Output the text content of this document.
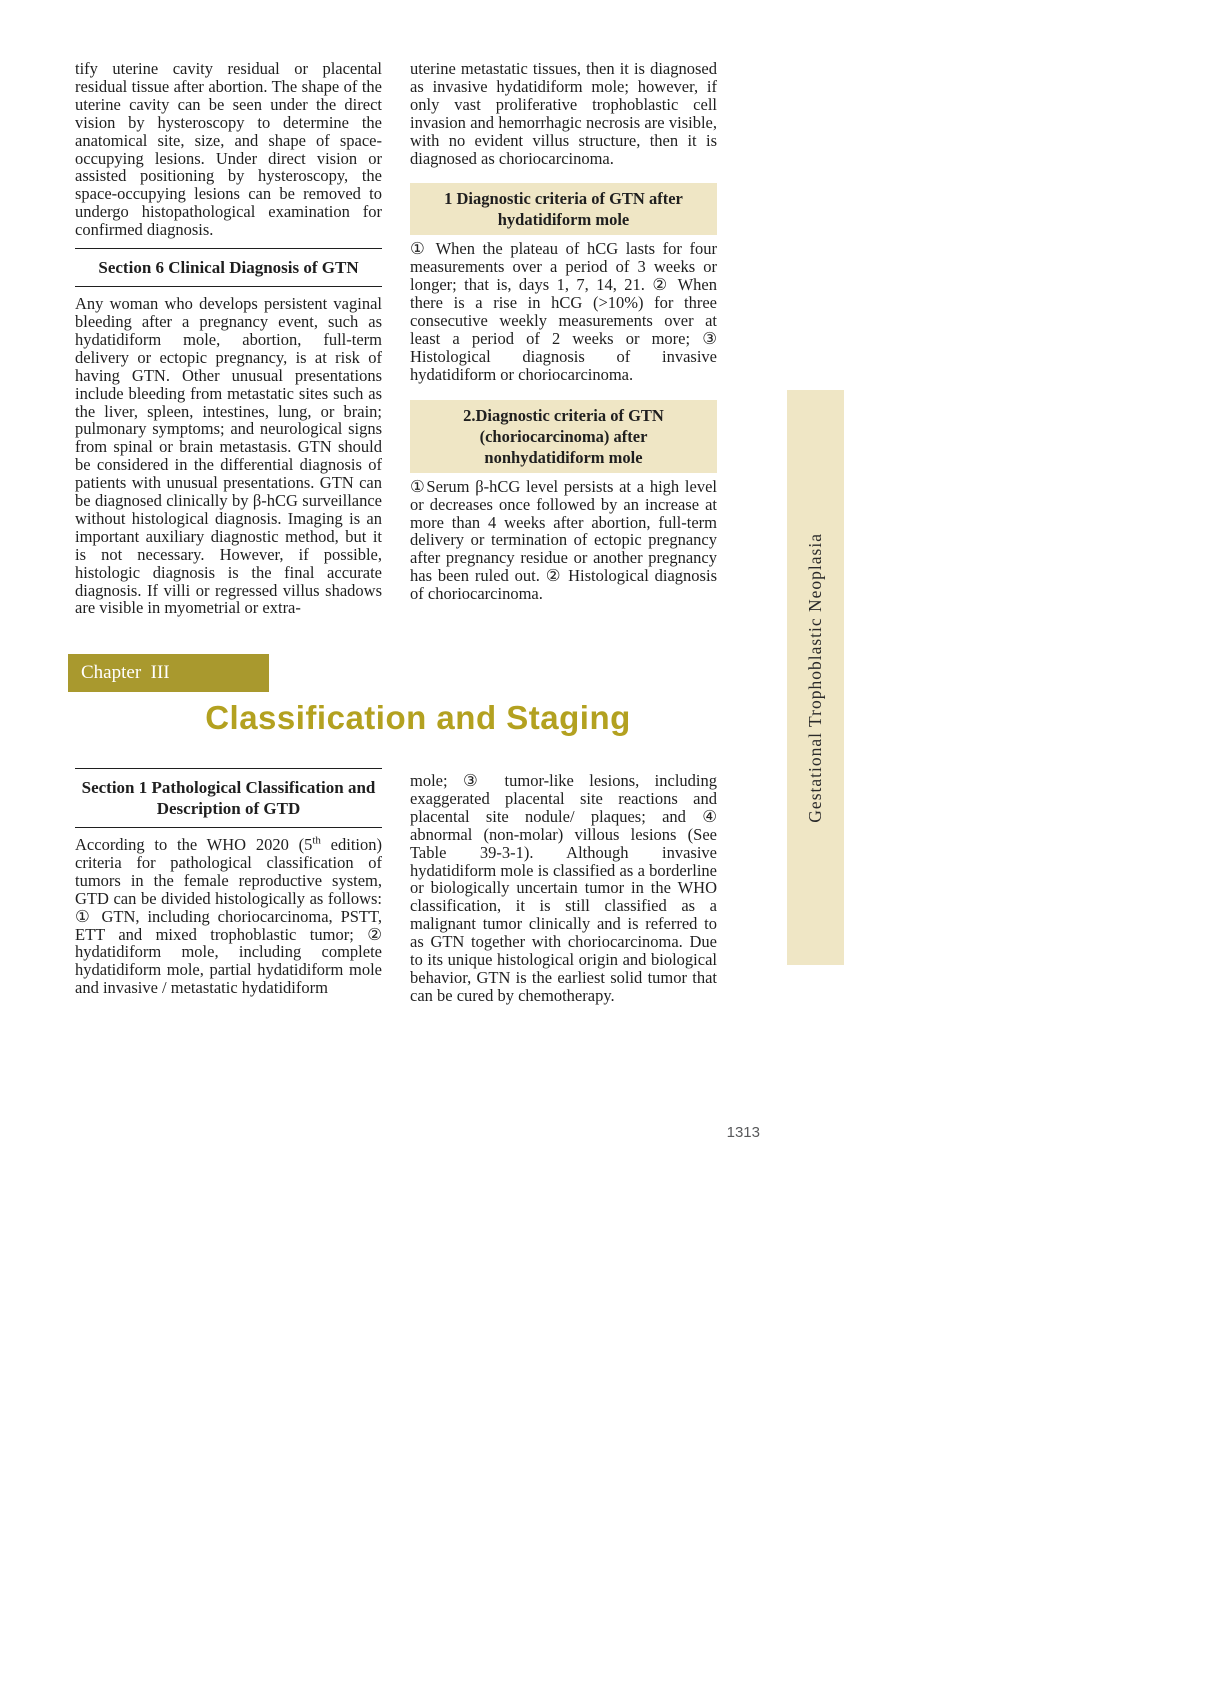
tify uterine cavity residual or placental residual tissue after abortion. The shape of the uterine cavity can be seen under the direct vision by hysteroscopy to determine the anatomical site, size, and shape of space-occupying lesions. Under direct vision or assisted positioning by hysteroscopy, the space-occupying lesions can be removed to undergo histopathological examination for confirmed diagnosis.

Section 6 Clinical Diagnosis of GTN

Any woman who develops persistent vaginal bleeding after a pregnancy event, such as hydatidiform mole, abortion, full-term delivery or ectopic pregnancy, is at risk of having GTN. Other unusual presentations include bleeding from metastatic sites such as the liver, spleen, intestines, lung, or brain; pulmonary symptoms; and neurological signs from spinal or brain metastasis. GTN should be considered in the differential diagnosis of patients with unusual presentations. GTN can be diagnosed clinically by β-hCG surveillance without histological diagnosis. Imaging is an important auxiliary diagnostic method, but it is not necessary. However, if possible, histologic diagnosis is the final accurate diagnosis. If villi or regressed villus shadows are visible in myometrial or extra-

uterine metastatic tissues, then it is diagnosed as invasive hydatidiform mole; however, if only vast proliferative trophoblastic cell invasion and hemorrhagic necrosis are visible, with no evident villus structure, then it is diagnosed as choriocarcinoma.

1 Diagnostic criteria of GTN after hydatidiform mole

① When the plateau of hCG lasts for four measurements over a period of 3 weeks or longer; that is, days 1, 7, 14, 21. ② When there is a rise in hCG (>10%) for three consecutive weekly measurements over at least a period of 2 weeks or more; ③ Histological diagnosis of invasive hydatidiform or choriocarcinoma.

2.Diagnostic criteria of GTN (choriocarcinoma) after nonhydatidiform mole

①Serum β-hCG level persists at a high level or decreases once followed by an increase at more than 4 weeks after abortion, full-term delivery or termination of ectopic pregnancy after pregnancy residue or another pregnancy has been ruled out. ② Histological diagnosis of choriocarcinoma.	Gestational Trophoblastic Neoplasia
Chapter  III
Classification and Staging
Section 1 Pathological Classification and Description of GTD

According to the WHO 2020 (5th edition) criteria for pathological classification of tumors in the female reproductive system, GTD can be divided histologically as follows: ① GTN, including choriocarcinoma, PSTT, ETT and mixed trophoblastic tumor; ② hydatidiform mole, including complete hydatidiform mole, partial hydatidiform mole and invasive / metastatic hydatidiform

mole; ③ tumor-like lesions, including exaggerated placental site reactions and placental site nodule/ plaques; and ④ abnormal (non-molar) villous lesions (See Table 39-3-1). Although invasive hydatidiform mole is classified as a borderline or biologically uncertain tumor in the WHO classification, it is still classified as a malignant tumor clinically and is referred to as GTN together with choriocarcinoma. Due to its unique histological origin and biological behavior, GTN is the earliest solid tumor that can be cured by chemotherapy.

1313
